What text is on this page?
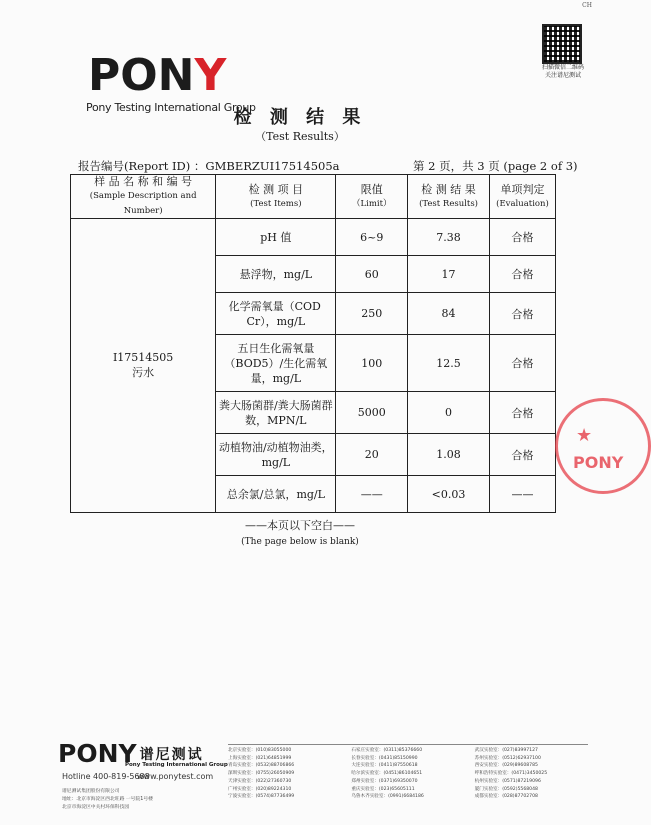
CH
扫描微信二维码
关注谱尼测试
P O N Y
Pony Testing International Group
检 测 结 果
（Test Results）
报告编号(Report ID) ：GMBERZUI17514505a	第 2 页，共 3 页 (page 2 of 3)
样 品 名 称 和 编 号
(Sample Description and Number)	检 测 项 目
(Test Items)	限值
（Limit）	检 测 结 果
(Test Results)	单项判定
(Evaluation)
I17514505
污水	pH 值	6~9	7.38	合格
	悬浮物，mg/L	60	17	合格
	化学需氧量（COD Cr），mg/L	250	84	合格
	五日生化需氧量（BOD5）/生化需氧量，mg/L	100	12.5	合格
	粪大肠菌群/粪大肠菌群数，MPN/L	5000	0	合格
	动植物油/动植物油类，mg/L	20	1.08	合格
	总余氯/总氯，mg/L	——	<0.03	——
——本页以下空白——
(The page below is blank)
★
PONY
PONY 谱尼测试
Pony Testing International Group
Hotline 400-819-5688
www.ponytest.com
谱尼测试集团股份有限公司
地址：北京市海淀区西北旺路 一号院1号楼
北京市海淀区中关村环保科技园
北京实验室：(010)83055000	石家庄实验室：(0311)85376660	武汉实验室：(027)83997127
上海实验室：(021)64851999	长春实验室：(0431)85150990	苏州实验室：(0512)62937100
青岛实验室：(0532)88706866	大连实验室：(0411)87550618	西安实验室：(029)89608785
深圳实验室：(0755)26050909	哈尔滨实验室：(0451)86104651	呼和浩特实验室：(0471)3450025
天津实验室：(022)27360730	郑州实验室：(0371)69350070	杭州实验室：(0571)87219096
广州实验室：(020)89224310	重庆实验室：(023)65605111	厦门实验室：(0592)5568048
宁波实验室：(0574)87736499	乌鲁木齐实验室：(0991)6684186	成都实验室：(028)87702708
